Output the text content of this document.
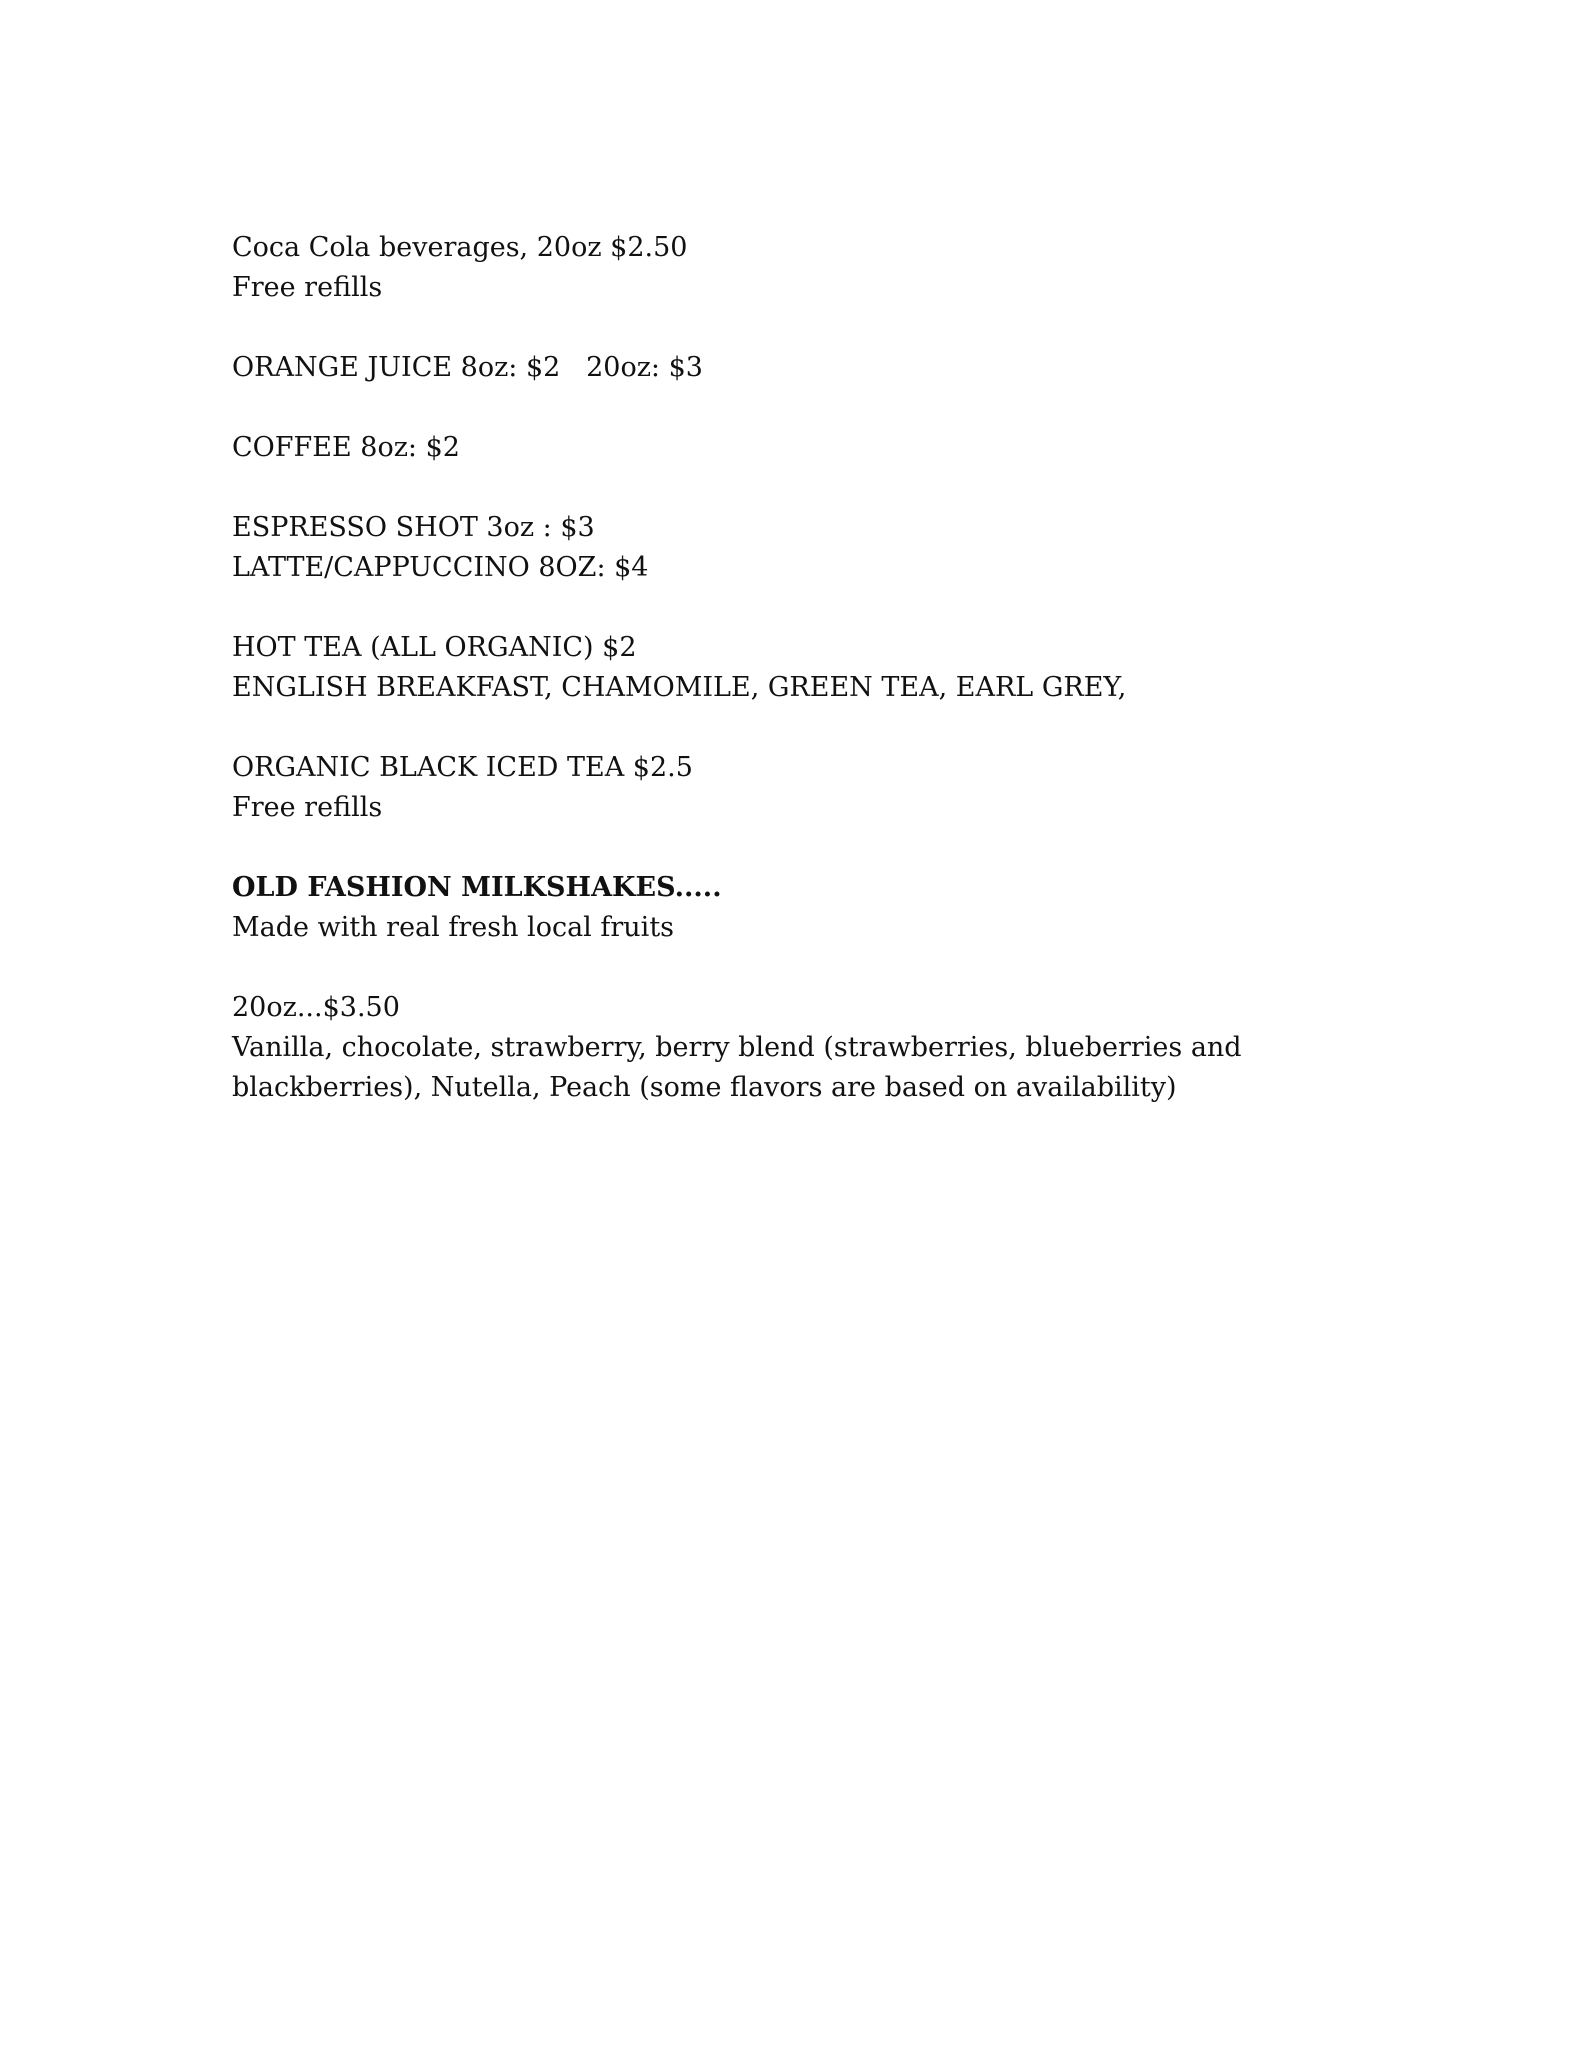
Coca Cola beverages, 20oz $2.50
Free refills
ORANGE JUICE 8oz: $2   20oz: $3
COFFEE 8oz: $2
ESPRESSO SHOT 3oz : $3
LATTE/CAPPUCCINO 8OZ: $4
HOT TEA (ALL ORGANIC) $2
ENGLISH BREAKFAST, CHAMOMILE, GREEN TEA, EARL GREY,
ORGANIC BLACK ICED TEA $2.5
Free refills
OLD FASHION MILKSHAKES.....
Made with real fresh local fruits
20oz...$3.50
Vanilla, chocolate, strawberry, berry blend (strawberries, blueberries and
blackberries), Nutella, Peach (some flavors are based on availability)
